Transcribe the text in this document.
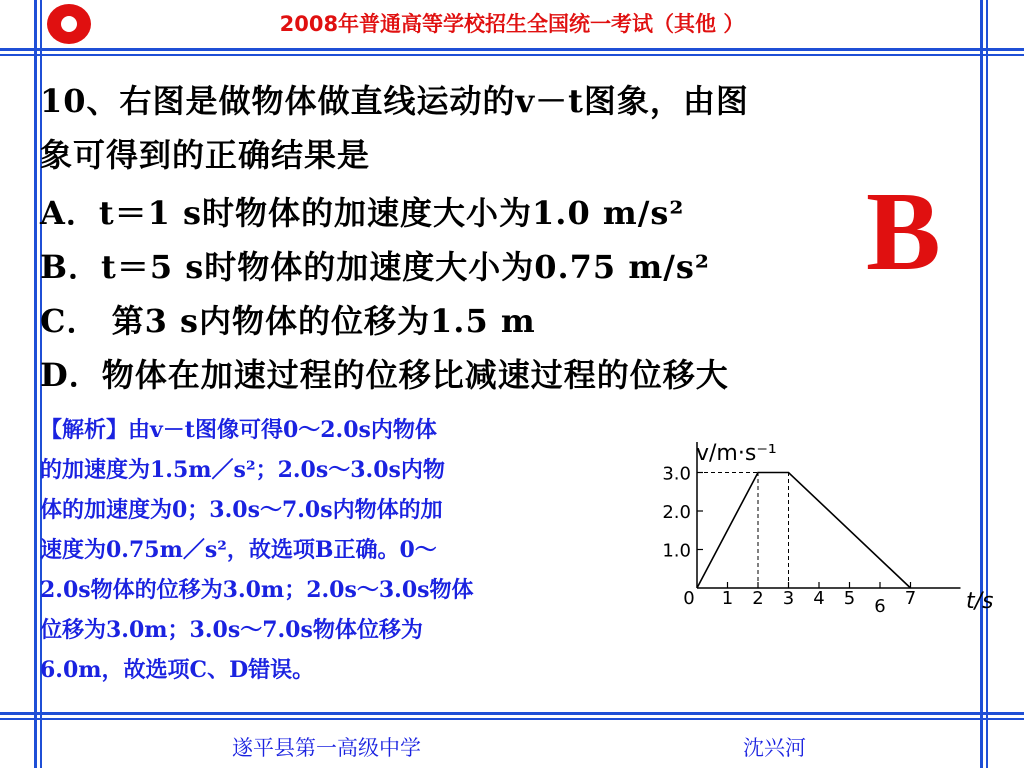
2008年普通高等学校招生全国统一考试（其他 ）
10、右图是做物体做直线运动的v－t图象，由图
象可得到的正确结果是
A．t＝1 s时物体的加速度大小为1.0 m/s²
B．t＝5 s时物体的加速度大小为0.75 m/s²
C． 第3 s内物体的位移为1.5 m
D．物体在加速过程的位移比减速过程的位移大
B
【解析】由v－t图像可得0～2.0s内物体
的加速度为1.5m／s²；2.0s～3.0s内物
体的加速度为0；3.0s～7.0s内物体的加
速度为0.75m／s²，故选项B正确。0～
2.0s物体的位移为3.0m；2.0s～3.0s物体
位移为3.0m；3.0s～7.0s物体位移为
6.0m，故选项C、D错误。
0 1 2 3 4 5 6 7
1.0
2.0
3.0
v/m·s⁻¹
t/s
遂平县第一高级中学	沈兴河
